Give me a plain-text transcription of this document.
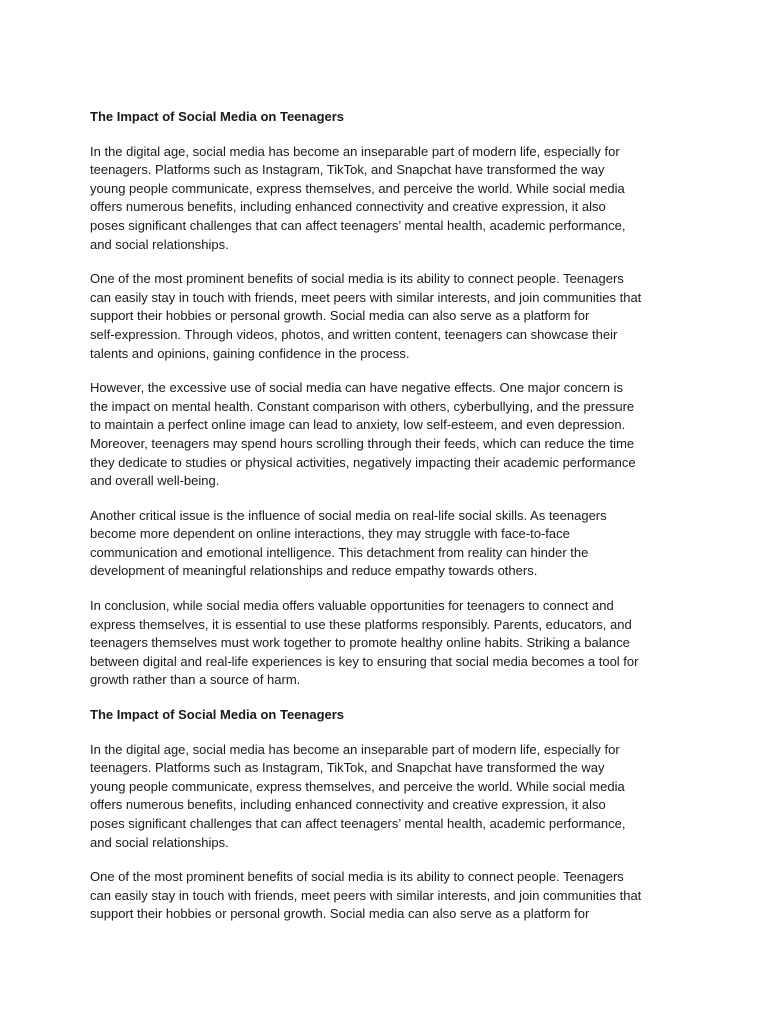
The Impact of Social Media on Teenagers

In the digital age, social media has become an inseparable part of modern life, especially for
teenagers. Platforms such as Instagram, TikTok, and Snapchat have transformed the way
young people communicate, express themselves, and perceive the world. While social media
offers numerous benefits, including enhanced connectivity and creative expression, it also
poses significant challenges that can affect teenagers’ mental health, academic performance,
and social relationships.

One of the most prominent benefits of social media is its ability to connect people. Teenagers
can easily stay in touch with friends, meet peers with similar interests, and join communities that
support their hobbies or personal growth. Social media can also serve as a platform for
self-expression. Through videos, photos, and written content, teenagers can showcase their
talents and opinions, gaining confidence in the process.

However, the excessive use of social media can have negative effects. One major concern is
the impact on mental health. Constant comparison with others, cyberbullying, and the pressure
to maintain a perfect online image can lead to anxiety, low self-esteem, and even depression.
Moreover, teenagers may spend hours scrolling through their feeds, which can reduce the time
they dedicate to studies or physical activities, negatively impacting their academic performance
and overall well-being.

Another critical issue is the influence of social media on real-life social skills. As teenagers
become more dependent on online interactions, they may struggle with face-to-face
communication and emotional intelligence. This detachment from reality can hinder the
development of meaningful relationships and reduce empathy towards others.

In conclusion, while social media offers valuable opportunities for teenagers to connect and
express themselves, it is essential to use these platforms responsibly. Parents, educators, and
teenagers themselves must work together to promote healthy online habits. Striking a balance
between digital and real-life experiences is key to ensuring that social media becomes a tool for
growth rather than a source of harm.

The Impact of Social Media on Teenagers

In the digital age, social media has become an inseparable part of modern life, especially for
teenagers. Platforms such as Instagram, TikTok, and Snapchat have transformed the way
young people communicate, express themselves, and perceive the world. While social media
offers numerous benefits, including enhanced connectivity and creative expression, it also
poses significant challenges that can affect teenagers’ mental health, academic performance,
and social relationships.

One of the most prominent benefits of social media is its ability to connect people. Teenagers
can easily stay in touch with friends, meet peers with similar interests, and join communities that
support their hobbies or personal growth. Social media can also serve as a platform for
